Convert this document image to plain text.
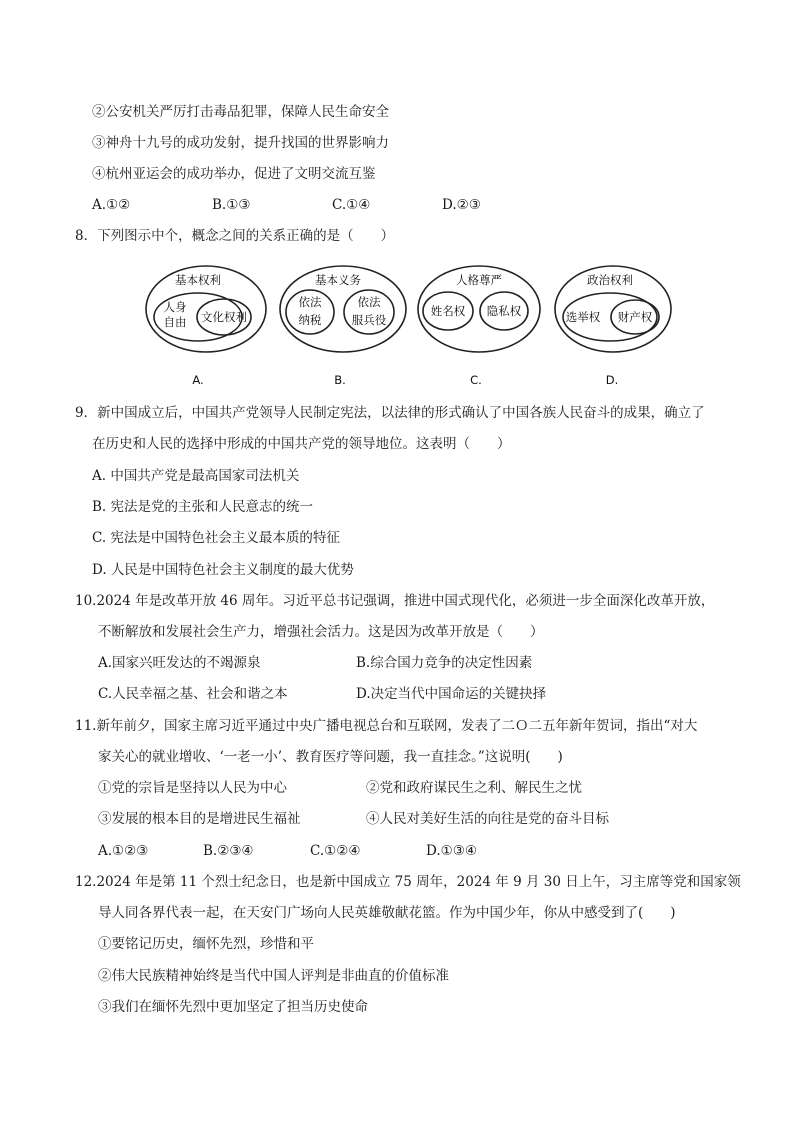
②公安机关严厉打击毒品犯罪，保障人民生命安全
③神舟十九号的成功发射，提升找国的世界影响力
④杭州亚运会的成功举办，促进了文明交流互鉴
A.①②	B.①③	C.①④	D.②③
8．下列图示中个，概念之间的关系正确的是（　　）
基本权利
人身
自由 文化权利
基本义务
依法
纳税
依法
服兵役
人格尊严
姓名权 隐私权
政治权利
选举权 财产权
A.	B.	C.	D.
9．新中国成立后，中国共产党领导人民制定宪法，以法律的形式确认了中国各族人民奋斗的成果，确立了
在历史和人民的选择中形成的中国共产党的领导地位。这表明（　　）
A. 中国共产党是最高国家司法机关
B. 宪法是党的主张和人民意志的统一
C. 宪法是中国特色社会主义最本质的特征
D. 人民是中国特色社会主义制度的最大优势
10.2024 年是改革开放 46 周年。习近平总书记强调，推进中国式现代化，必须进一步全面深化改革开放，
不断解放和发展社会生产力，增强社会活力。这是因为改革开放是（　　）
A.国家兴旺发达的不竭源泉	B.综合国力竞争的决定性因素
C.人民幸福之基、社会和谐之本	D.决定当代中国命运的关键抉择
11.新年前夕，国家主席习近平通过中央广播电视总台和互联网，发表了二Ｏ二五年新年贺词，指出“对大
家关心的就业增收、‘一老一小’、教育医疗等问题，我一直挂念。”这说明(　　)
①党的宗旨是坚持以人民为中心	②党和政府谋民生之利、解民生之忧
③发展的根本目的是增进民生福祉	④人民对美好生活的向往是党的奋斗目标
A.①②③	B.②③④	C.①②④	D.①③④
12.2024 年是第 11 个烈士纪念日，也是新中国成立 75 周年，2024 年 9 月 30 日上午，习主席等党和国家领
导人同各界代表一起，在天安门广场向人民英雄敬献花篮。作为中国少年，你从中感受到了(　　)
①要铭记历史，缅怀先烈，珍惜和平
②伟大民族精神始终是当代中国人评判是非曲直的价值标准
③我们在缅怀先烈中更加坚定了担当历史使命
